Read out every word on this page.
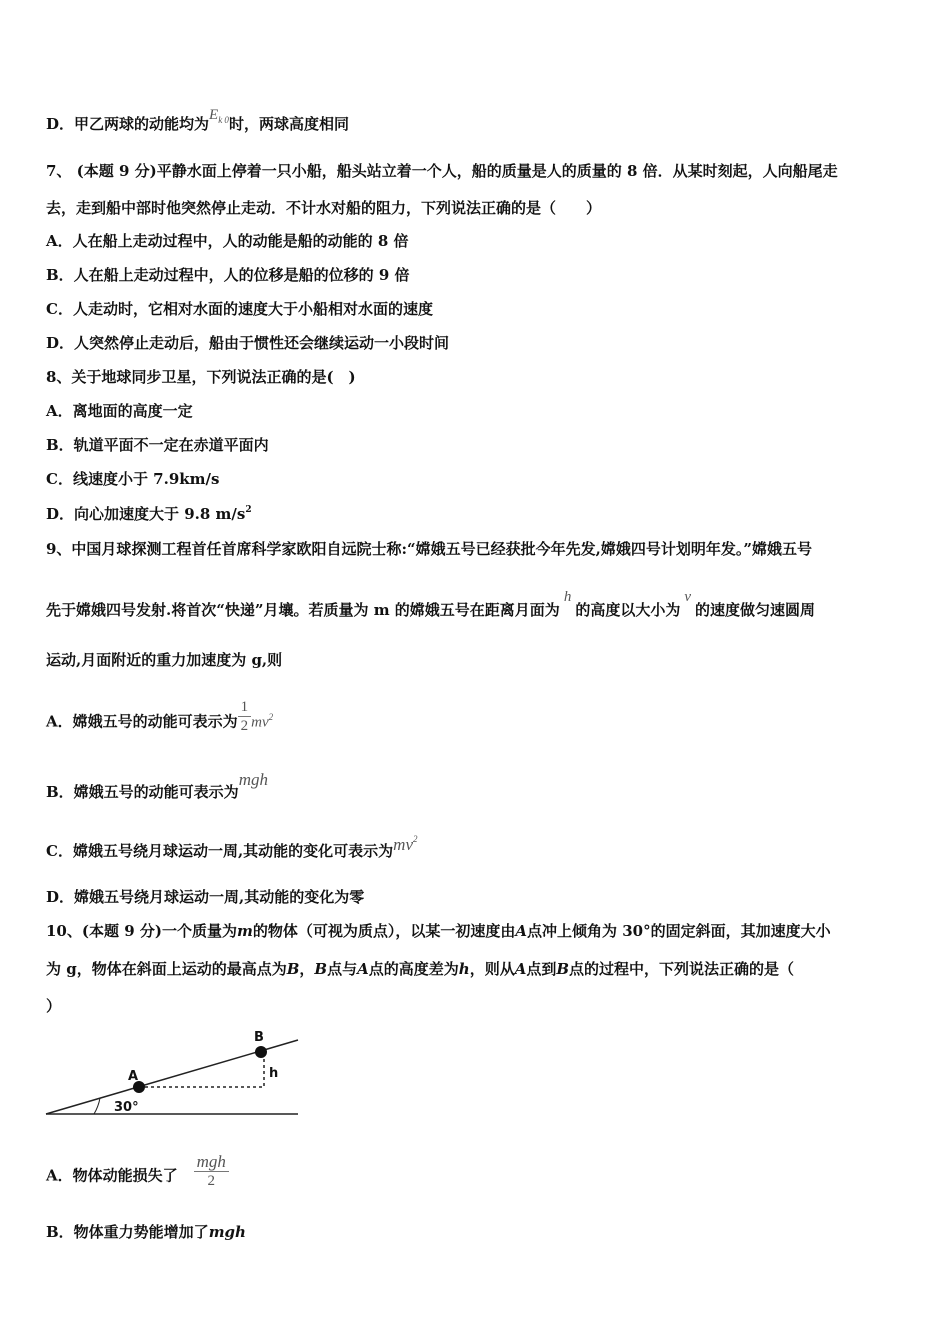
D．甲乙两球的动能均为$E_{k 0}$时，两球高度相同
7、 (本题 9 分)平静水面上停着一只小船，船头站立着一个人，船的质量是人的质量的 8 倍．从某时刻起，人向船尾走
去，走到船中部时他突然停止走动．不计水对船的阻力，下列说法正确的是（　　）
A．人在船上走动过程中，人的动能是船的动能的 8 倍
B．人在船上走动过程中，人的位移是船的位移的 9 倍
C．人走动时，它相对水面的速度大于小船相对水面的速度
D．人突然停止走动后，船由于惯性还会继续运动一小段时间
8、关于地球同步卫星，下列说法正确的是(　)
A．离地面的高度一定
B．轨道平面不一定在赤道平面内
C．线速度小于 7.9km/s
D．向心加速度大于 9.8 $m/s^2$
9、中国月球探测工程首任首席科学家欧阳自远院士称:“嫦娥五号已经获批今年先发,嫦娥四号计划明年发。”嫦娥五号
先于嫦娥四号发射.将首次“快递”月壤。若质量为 m 的嫦娥五号在距离月面为h的高度以大小为v的速度做匀速圆周
运动,月面附近的重力加速度为 g,则
A．嫦娥五号的动能可表示为 $\frac{1}{2} mv^2$
B．嫦娥五号的动能可表示为mgh
C．嫦娥五号绕月球运动一周,其动能的变化可表示为$mv^2$
D．嫦娥五号绕月球运动一周,其动能的变化为零
10、(本题 9 分)一个质量为m的物体（可视为质点），以某一初速度由A点冲上倾角为 30°的固定斜面，其加速度大小
为 g，物体在斜面上运动的最高点为B，B点与A点的高度差为h，则从A点到B点的过程中，下列说法正确的是（
）
A
B
h
30°
A．物体动能损失了 $\frac{\text{mgh}}{2}$
B．物体重力势能增加了mgh
